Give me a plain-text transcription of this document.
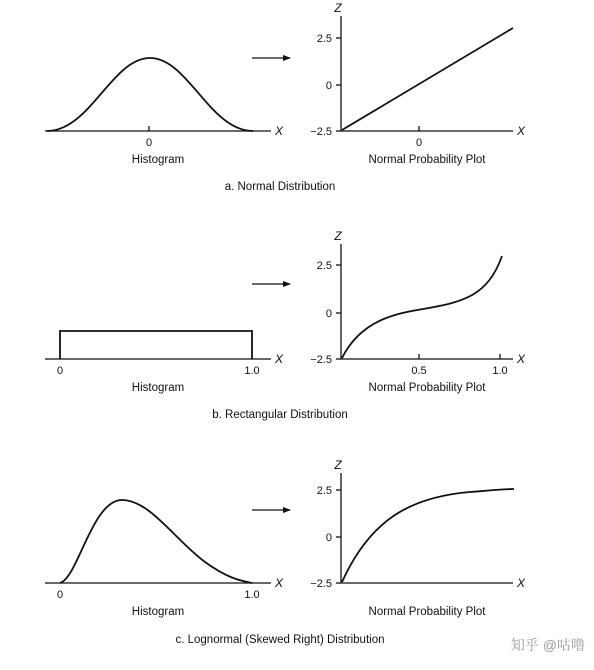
0
X
Histogram
Z
2.5
0
−2.5
0
X
Normal Probability Plot
a. Normal Distribution
0	1.0
X
Histogram
Z
2.5
0
−2.5
0.5	1.0
X
Normal Probability Plot
b. Rectangular Distribution
0	1.0
X
Histogram
Z
2.5
0
−2.5	X
Normal Probability Plot
c. Lognormal (Skewed Right) Distribution	知乎 @咕噜
